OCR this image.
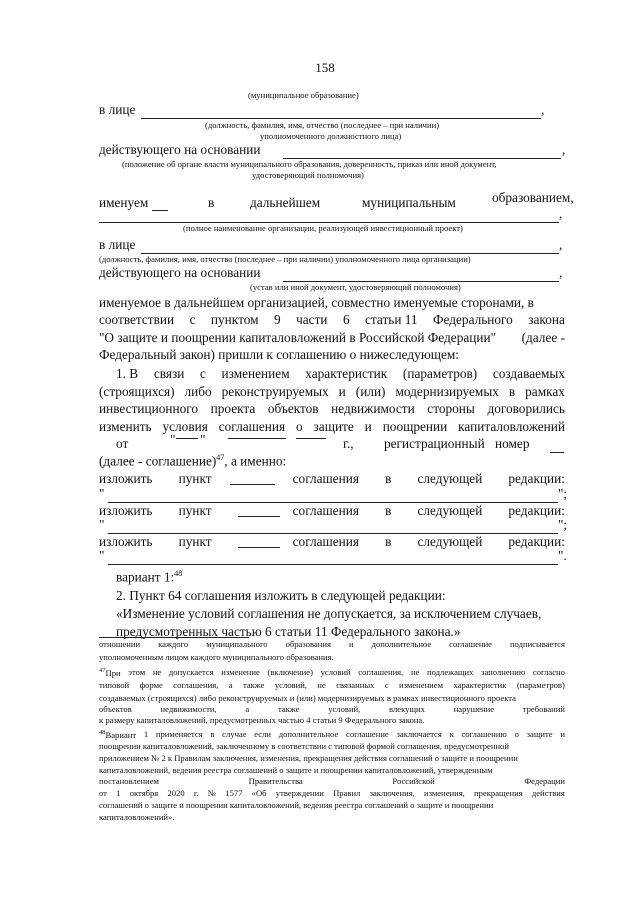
158
(муниципальное образование)
в лице	,
(должность, фамилия, имя, отчество (последнее – при наличии)
уполномоченного должностного лица)
действующего на основании	,
(положение об органе власти муниципального образования, доверенность, приказ или иной документ,
удостоверяющий полномочия)
именуем	в	дальнейшем	муниципальным	образованием,
,
(полное наименование организации, реализующей инвестиционный проект)
в лице	,
(должность, фамилия, имя, отчество (последнее – при наличии) уполномоченного лица организации)
действующего на основании	,
(устав или иной документ, удостоверяющий полномочия)
именуемое в дальнейшем организацией, совместно именуемые сторонами, в
соответствии с пунктом 9 части 6 статьи 11 Федерального закона
"О защите и поощрении капиталовложений в Российской Федерации" (далее -
Федеральный закон) пришли к соглашению о нижеследующем:
1. В связи с изменением характеристик (параметров) создаваемых
(строящихся) либо реконструируемых и (или) модернизируемых в рамках
инвестиционного проекта объектов недвижимости стороны договорились
изменить условия соглашения о защите и поощрении капиталовложений
от	" "	г., регистрационный номер
(далее - соглашение)$^{47}$, а именно:
изложить пункт	соглашения в следующей редакции:
"	";
изложить пункт	соглашения в следующей редакции:
"	";
изложить пункт	соглашения в следующей редакции:
"	".
вариант 1:$^{48}$
2. Пункт 64 соглашения изложить в следующей редакции:
«Изменение условий соглашения не допускается, за исключением случаев,
предусмотренных частью 6 статьи 11 Федерального закона.»
отношении каждого муниципального образования и дополнительное соглашение подписывается
уполномоченным лицом каждого муниципального образования.
$^{47}$При этом не допускается изменение (включение) условий соглашения, не подлежащих заполнению согласно
типовой форме соглашения, а также условий, не связанных с изменением характеристик (параметров)
создаваемых (строящихся) либо реконструируемых и (или) модернизируемых в рамках инвестиционного проекта
объектов	недвижимости,	а	также	условий,	влекущих	нарушение	требований
к размеру капиталовложений, предусмотренных частью 4 статьи 9 Федерального закона.
$^{48}$Вариант 1 применяется в случае если дополнительное соглашение заключается к соглашению о защите и
поощрении капиталовложений, заключенному в соответствии с типовой формой соглашения, предусмотренной
приложением № 2 к Правилам заключения, изменения, прекращения действия соглашений о защите и поощрении
капиталовложений, ведения реестра соглашений о защите и поощрении капиталовложений, утвержденным
постановлением	Правительства	Российской	Федерации
от 1 октября 2020 г. № 1577 «Об утверждении Правил заключения, изменения, прекращения действия
соглашений о защите и поощрении капиталовложений, ведения реестра соглашений о защите и поощрении
капиталовложений».
